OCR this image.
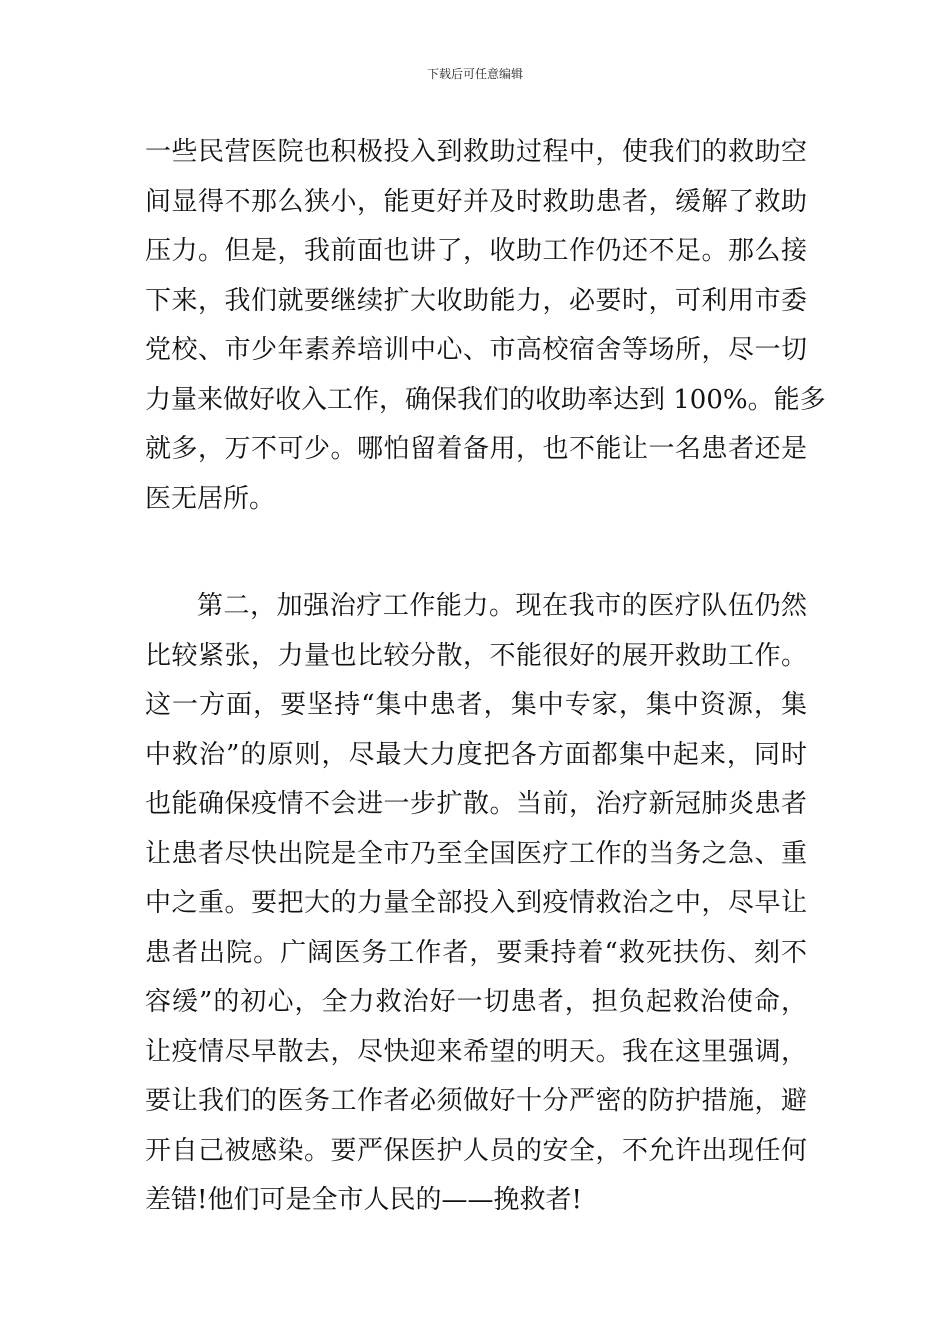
下载后可任意编辑
一些民营医院也积极投入到救助过程中，使我们的救助空
间显得不那么狭小，能更好并及时救助患者，缓解了救助
压力。但是，我前面也讲了，收助工作仍还不足。那么接
下来，我们就要继续扩大收助能力，必要时，可利用市委
党校、市少年素养培训中心、市高校宿舍等场所，尽一切
力量来做好收入工作，确保我们的收助率达到 100%。能多
就多，万不可少。哪怕留着备用，也不能让一名患者还是
医无居所。
第二，加强治疗工作能力。现在我市的医疗队伍仍然
比较紧张，力量也比较分散，不能很好的展开救助工作。
这一方面，要坚持“集中患者，集中专家，集中资源，集
中救治”的原则，尽最大力度把各方面都集中起来，同时
也能确保疫情不会进一步扩散。当前，治疗新冠肺炎患者
让患者尽快出院是全市乃至全国医疗工作的当务之急、重
中之重。要把大的力量全部投入到疫情救治之中，尽早让
患者出院。广阔医务工作者，要秉持着“救死扶伤、刻不
容缓”的初心，全力救治好一切患者，担负起救治使命，
让疫情尽早散去，尽快迎来希望的明天。我在这里强调，
要让我们的医务工作者必须做好十分严密的防护措施，避
开自己被感染。要严保医护人员的安全，不允许出现任何
差错!他们可是全市人民的——挽救者!
